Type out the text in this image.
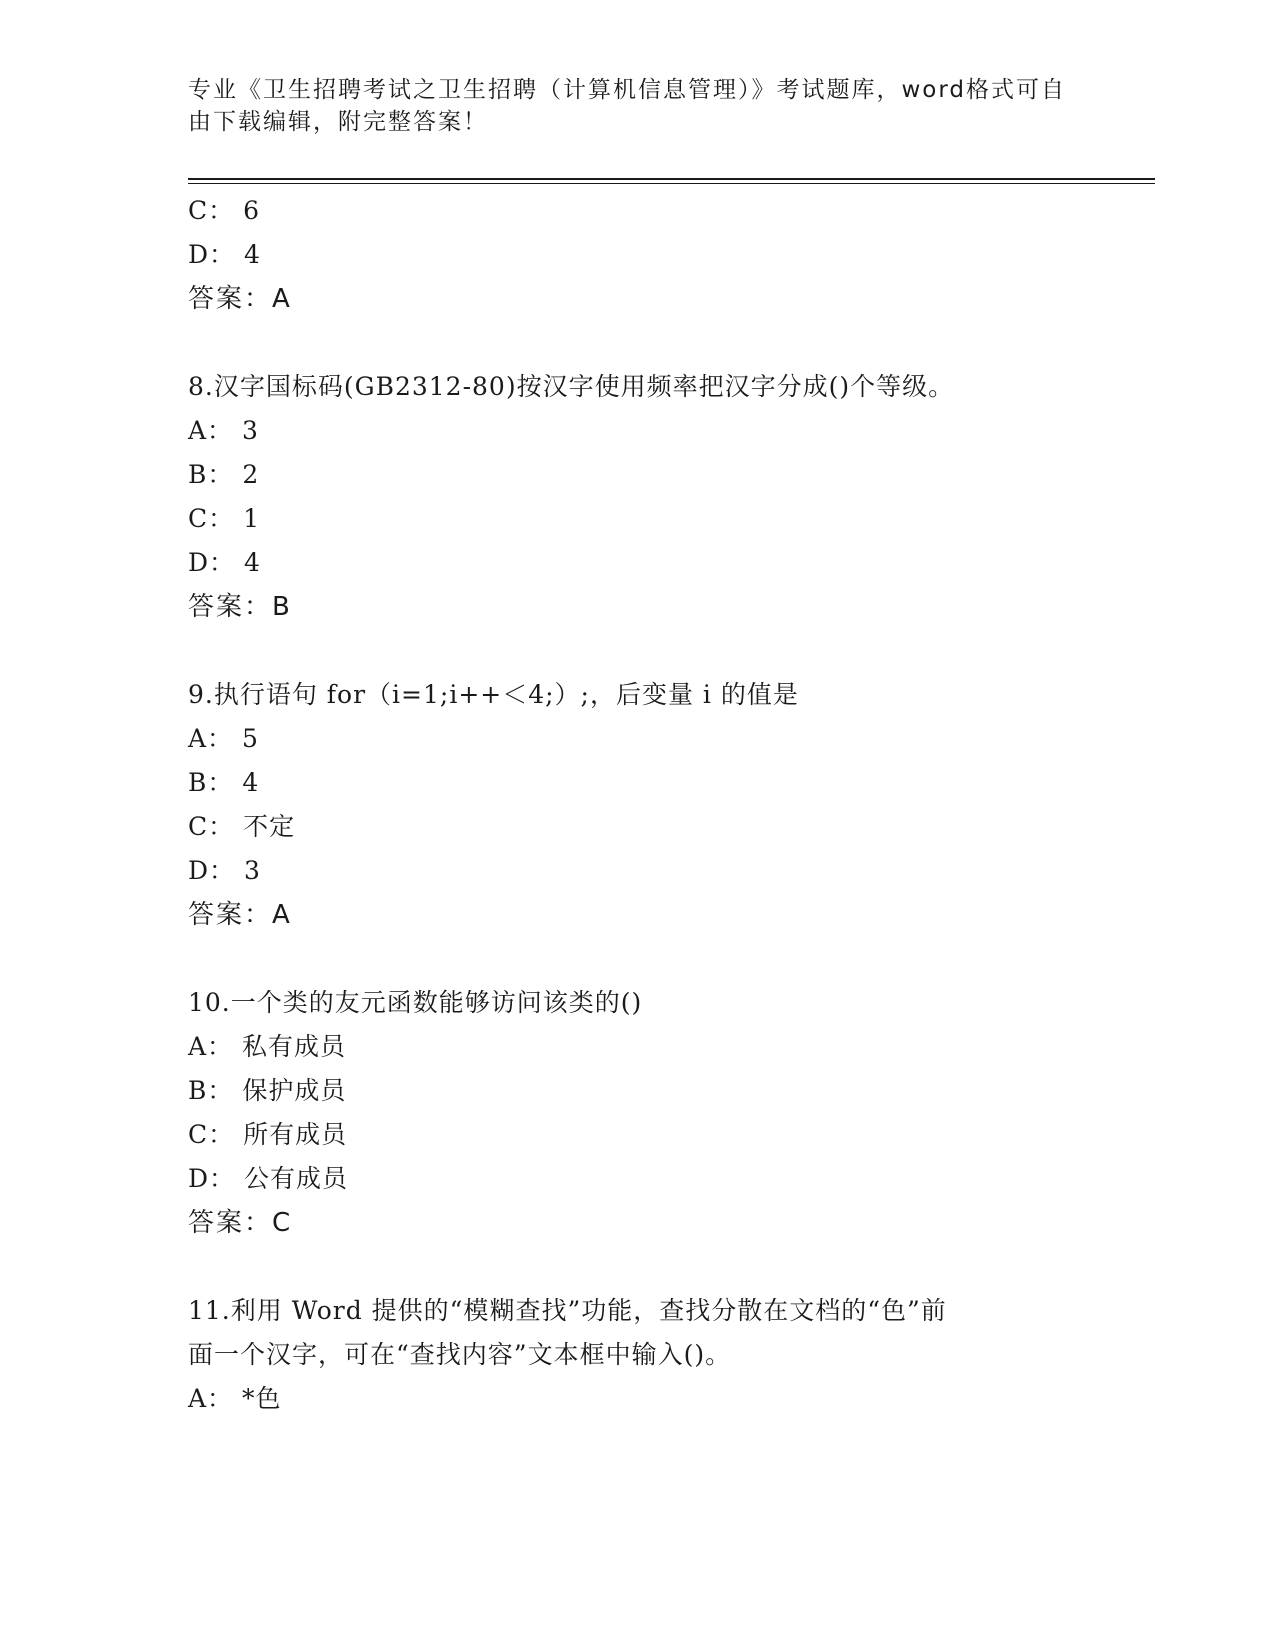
专业《卫生招聘考试之卫生招聘（计算机信息管理）》考试题库，word格式可自由下载编辑，附完整答案！
C： 6
D： 4
答案：A
8.汉字国标码(GB2312-80)按汉字使用频率把汉字分成()个等级。
A： 3
B： 2
C： 1
D： 4
答案：B
9.执行语句 for（i=1;i++＜4;）;，后变量 i 的值是
A： 5
B： 4
C： 不定
D： 3
答案：A
10.一个类的友元函数能够访问该类的()
A： 私有成员
B： 保护成员
C： 所有成员
D： 公有成员
答案：C
11.利用 Word 提供的“模糊查找”功能，查找分散在文档的“色”前
面一个汉字，可在“查找内容”文本框中输入()。
A： *色
